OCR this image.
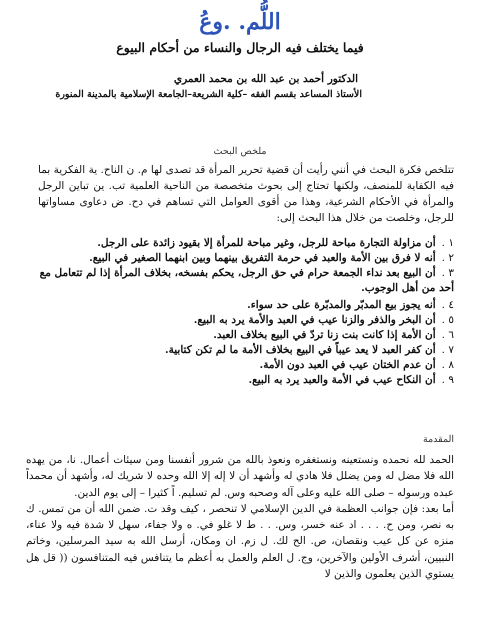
اللُّم. .وعُ
فيما يختلف فيه الرجال والنساء من أحكام البيوع
الدكتور أحمد بن عبد الله بن محمد العمري
الأستاذ المساعد بقسم الفقه –كلية الشريعة–الجامعة الإسلامية بالمدينة المنورة
ملخص البحث

تتلخص فكرة البحث في أنني رأيت أن قضية تحرير المرأة قد تصدى لها م. ن الناح. ية الفكرية بما فيه الكفاية للمنصف، ولكنها تحتاج إلى بحوث متخصصة من الناحية العلمية تب. ين تباين الرجل والمرأة في الأحكام الشرعية، وهذا من أقوى العوامل التي تساهم في دح. ض دعاوى مساواتها للرجل، وخلصت من خلال هذا البحث إلى:

١ .أن مزاولة التجارة مباحة للرجل، وغير مباحة للمرأة إلا بقيود زائدة على الرجل.
٢ .أنه لا فرق بين الأمة والعبد في حرمة التفريق بينهما وبين ابنهما الصغير في البيع.
٣ .أن البيع بعد نداء الجمعة حرام في حق الرجل، يحكم بفسخه، بخلاف المرأة إذا لم تتعامل مع أحد من أهل الوجوب.
٤ .أنه يجوز بيع المدبّر والمدبّرة على حد سواء.
٥ .أن البخر والذفر والزنا عيب في العبد والأمة يرد به البيع.
٦ .أن الأمة إذا كانت بنت زنا تردّ في البيع بخلاف العبد.
٧ .أن كفر العبد لا يعد عيباً في البيع بخلاف الأمة ما لم تكن كتابية.
٨ .أن عدم الختان عيب في العبد دون الأمة.
٩ .أن النكاح عيب في الأمة والعبد يرد به البيع.
المقدمة

الحمد لله نحمده ونستعينه ونستغفره ونعوذ بالله من شرور أنفسنا ومن سيئات أعمال. نا، من يهده الله فلا مضل له ومن يضلل فلا هادي له وأشهد أن لا إله إلا الله وحده لا شريك له، وأشهد أن محمداً عبده ورسوله – صلى الله عليه وعلى آله وصحبه وس. لم تسليم. اً كثيرا – إلى يوم الدين.

أما بعد: فإن جوانب العظمة في الدين الإسلامي لا تنحصر ، كيف وقد ت. ضمن الله أن من تمس. ك به نصر، ومن ح. . . . اد عنه خسر، وس. . . ط لا غلو في. ه ولا جفاء، سهل لا شدة فيه ولا عناء، منزه عن كل عيب ونقصان، ص. الح لك. ل زم. ان ومكان، أرسل الله به سيد المرسلين، وخاتم النبيين، أشرف الأولين والآخرين، وج. ل العلم والعمل به أعظم ما يتنافس فيه المتنافسون (( قل هل يستوي الذين يعلمون والذين لا
